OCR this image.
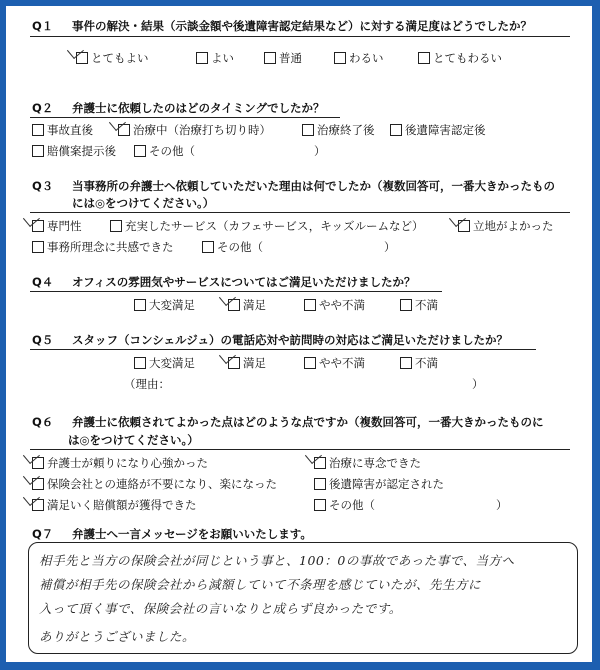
Q１ 事件の解決・結果（示談金額や後遺障害認定結果など）に対する満足度はどうでしたか？
とてもよい	よい	普通	わるい	とてもわるい
Q２ 弁護士に依頼したのはどのタイミングでしたか？
事故直後	治療中（治療打ち切り時）	治療終了後	後遺障害認定後
賠償案提示後	その他（	）
Q３ 当事務所の弁護士へ依頼していただいた理由は何でしたか（複数回答可，一番大きかったもの
には◎をつけてください。）
専門性	充実したサービス（カフェサービス，キッズルームなど）	立地がよかった
事務所理念に共感できた	その他（	）
Q４ オフィスの雰囲気やサービスについてはご満足いただけましたか？
大変満足	満足	やや不満	不満
Q５ スタッフ（コンシェルジュ）の電話応対や訪問時の対応はご満足いただけましたか？
大変満足	満足	やや不満	不満
（理由：	）
Q６ 弁護士に依頼されてよかった点はどのような点ですか（複数回答可，一番大きかったものに
は◎をつけてください。）
弁護士が頼りになり心強かった	治療に専念できた
保険会社との連絡が不要になり、楽になった	後遺障害が認定された
満足いく賠償額が獲得できた	その他（	）
Q７ 弁護士へ一言メッセージをお願いいたします。
相手先と当方の保険会社が同じという事と、100：0の事故であった事で、当方へ
補償が相手先の保険会社から減額していて不条理を感じていたが、先生方に
入って頂く事で、保険会社の言いなりと成らず良かったです。
ありがとうございました。
